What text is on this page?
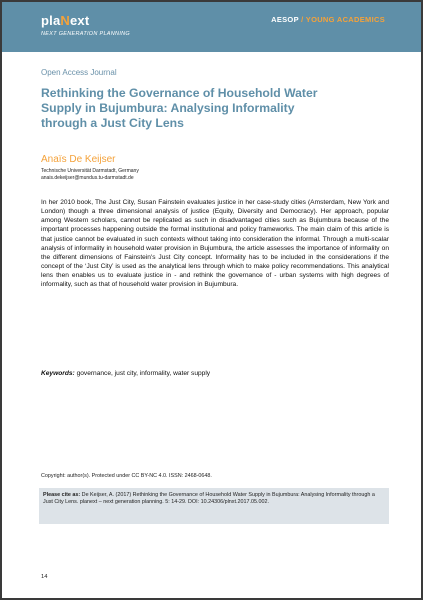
plaNext
NEXT GENERATION PLANNING
AESOP / YOUNG ACADEMICS
Open Access Journal
Rethinking the Governance of Household Water Supply in Bujumbura: Analysing Informality through a Just City Lens
Anaïs De Keijser
Technische Universität Darmstadt, Germany
anais.dekeijser@mundus.tu-darmstadt.de

In her 2010 book, The Just City, Susan Fainstein evaluates justice in her case-study cities (Amsterdam, New York and London) though a three dimensional analysis of justice (Equity, Diversity and Democracy). Her approach, popular among Western scholars, cannot be replicated as such in disadvantaged cities such as Bujumbura because of the important processes happening outside the formal institutional and policy frameworks. The main claim of this article is that justice cannot be evaluated in such contexts without taking into consideration the informal. Through a multi-scalar analysis of informality in household water provision in Bujumbura, the article assesses the importance of informality on the different dimensions of Fainstein's Just City concept. Informality has to be included in the considerations if the concept of the ‘Just City’ is used as the analytical lens through which to make policy recommendations. This analytical lens then enables us to evaluate justice in - and rethink the governance of - urban systems with high degrees of informality, such as that of household water provision in Bujumbura.

Keywords: governance, just city, informality, water supply
Copyright: author(s). Protected under CC BY-NC 4.0. ISSN: 2468-0648.
Please cite as: De Keijser, A. (2017) Rethinking the Governance of Household Water Supply in Bujumbura: Analysing Informality through a Just City Lens. planext – next generation planning. 5: 14-29. DOI: 10.24306/plnxt.2017.05.002.
14
